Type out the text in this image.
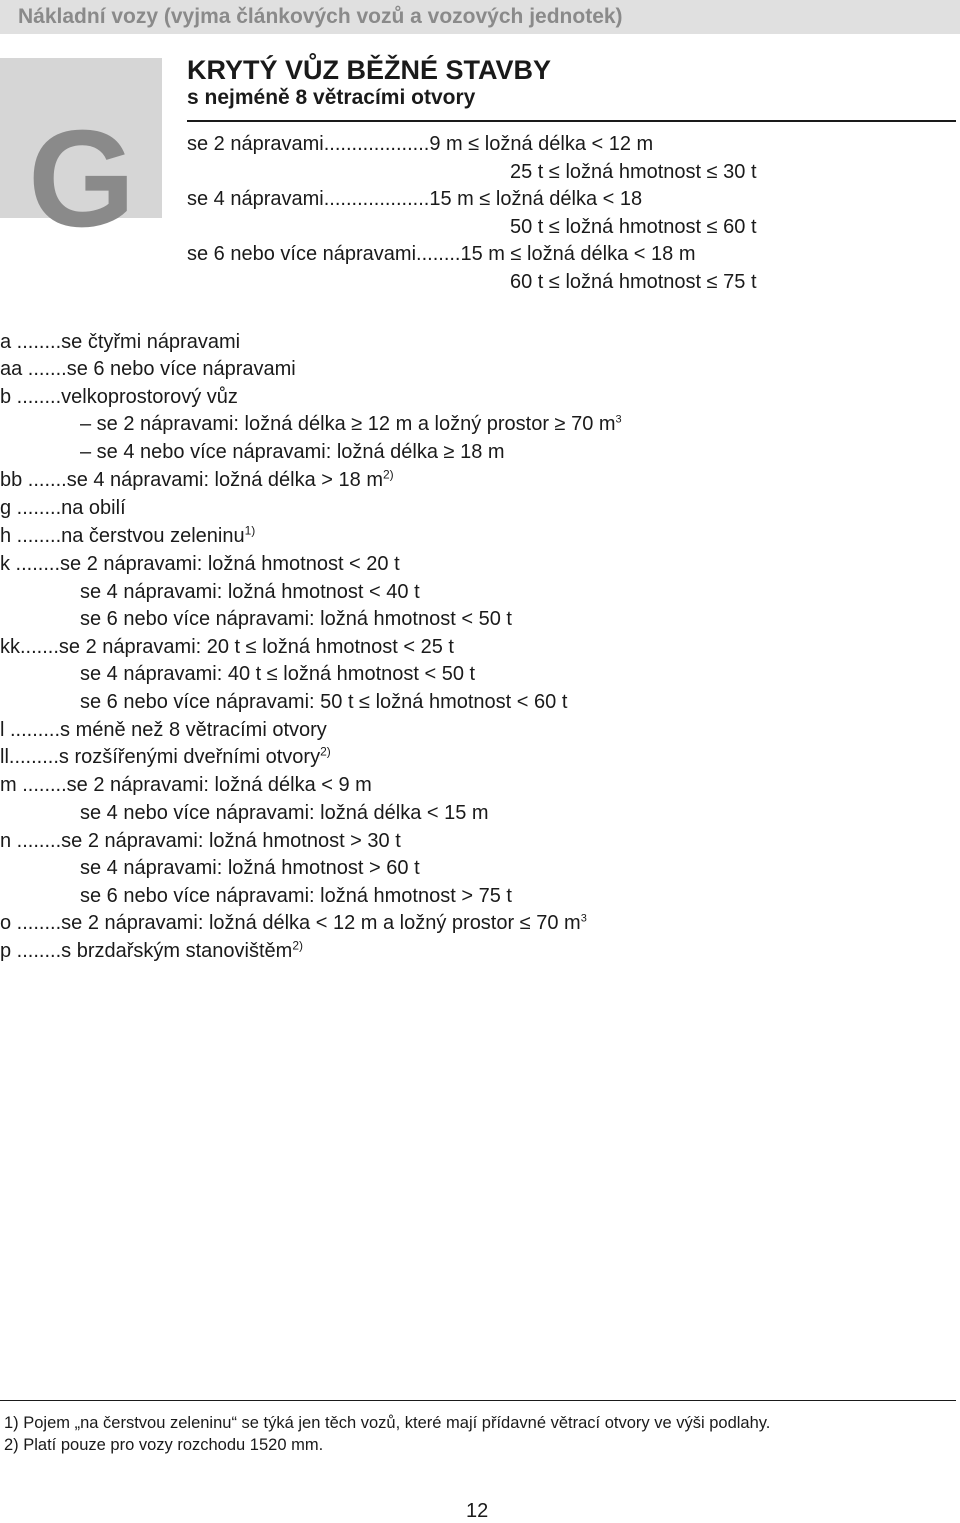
Nákladní vozy (vyjma článkových vozů a vozových jednotek)
G
KRYTÝ VŮZ BĚŽNÉ STAVBY
s nejméně 8 větracími otvory
se 2 nápravami...................9 m ≤ ložná délka < 12 m
25 t ≤ ložná hmotnost ≤ 30 t
se 4 nápravami...................15 m ≤ ložná délka < 18
50 t ≤ ložná hmotnost ≤ 60 t
se 6 nebo více nápravami........15 m ≤ ložná délka < 18 m
60 t ≤ ložná hmotnost ≤ 75 t
a ........se čtyřmi nápravami
aa .......se 6 nebo více nápravami
b ........velkoprostorový vůz
– se 2 nápravami: ložná délka ≥ 12 m a ložný prostor ≥ 70 $m^3$
– se 4 nebo více nápravami: ložná délka ≥ 18 m
bb .......se 4 nápravami: ložná délka > 18 $m^{2)}$
g ........na obilí
h ........na čerstvou zeleninu$^{1)}$
k ........se 2 nápravami: ložná hmotnost < 20 t
se 4 nápravami: ložná hmotnost < 40 t
se 6 nebo více nápravami: ložná hmotnost < 50 t
kk.......se 2 nápravami: 20 t ≤ ložná hmotnost < 25 t
se 4 nápravami: 40 t ≤ ložná hmotnost < 50 t
se 6 nebo více nápravami: 50 t ≤ ložná hmotnost < 60 t
l .........s méně než 8 větracími otvory
ll.........s rozšířenými dveřními otvory$^{2)}$
m ........se 2 nápravami: ložná délka < 9 m
se 4 nebo více nápravami: ložná délka < 15 m
n ........se 2 nápravami: ložná hmotnost > 30 t
se 4 nápravami: ložná hmotnost > 60 t
se 6 nebo více nápravami: ložná hmotnost > 75 t
o ........se 2 nápravami: ložná délka < 12 m a ložný prostor ≤ 70 $m^3$
p ........s brzdařským stanovištěm$^{2)}$
1) Pojem „na čerstvou zeleninu“ se týká jen těch vozů, které mají přídavné větrací otvory ve výši podlahy.
2) Platí pouze pro vozy rozchodu 1520 mm.
12
